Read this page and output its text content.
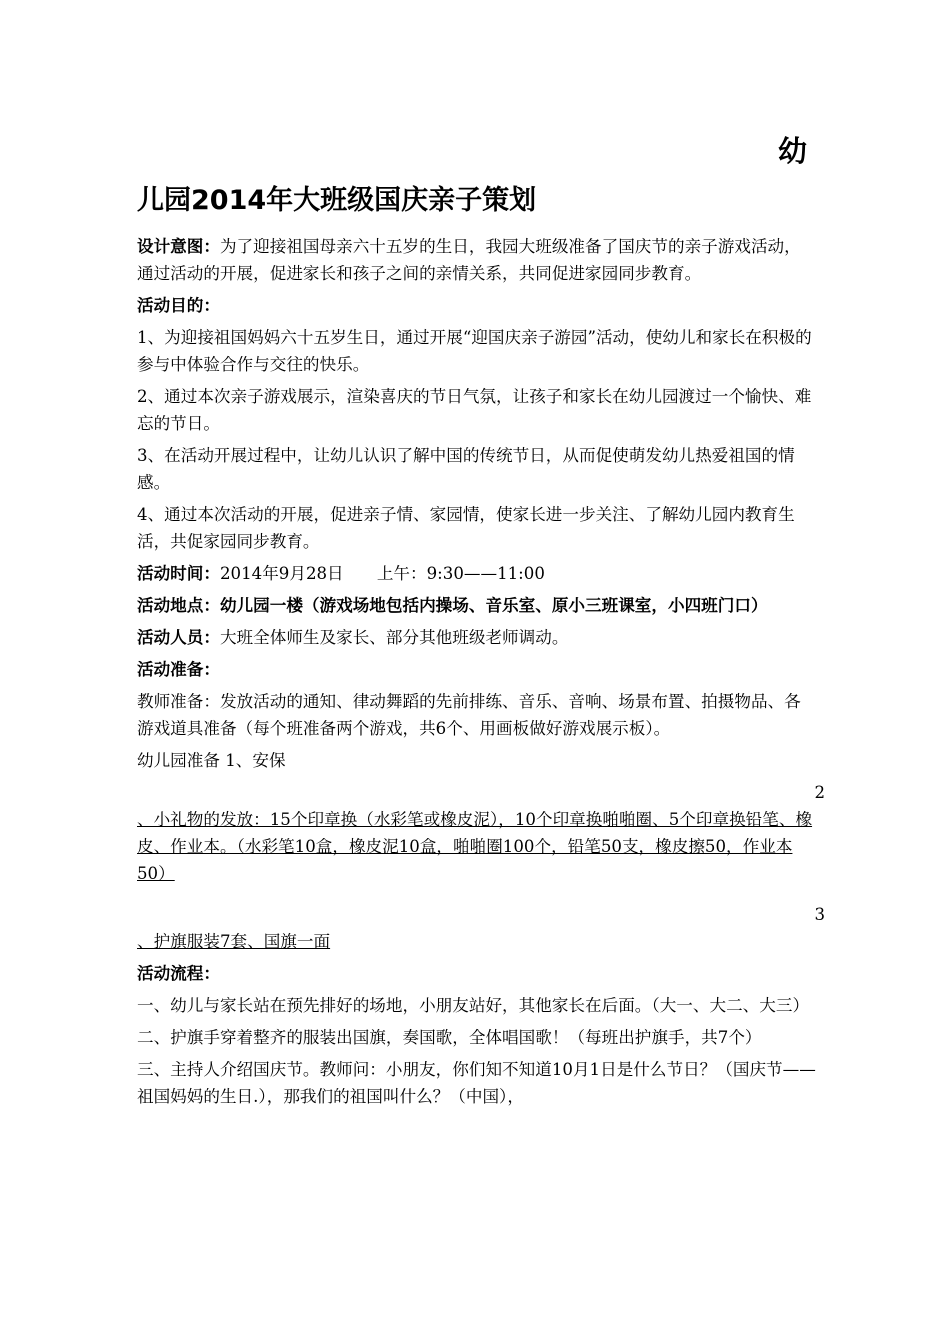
幼
儿园2014年大班级国庆亲子策划

设计意图：为了迎接祖国母亲六十五岁的生日，我园大班级准备了国庆节的亲子游戏活动，通过活动的开展，促进家长和孩子之间的亲情关系，共同促进家园同步教育。

活动目的：

1、为迎接祖国妈妈六十五岁生日，通过开展“迎国庆亲子游园”活动，使幼儿和家长在积极的参与中体验合作与交往的快乐。

2、通过本次亲子游戏展示，渲染喜庆的节日气氛，让孩子和家长在幼儿园渡过一个愉快、难忘的节日。

3、在活动开展过程中，让幼儿认识了解中国的传统节日，从而促使萌发幼儿热爱祖国的情感。

4、通过本次活动的开展，促进亲子情、家园情，使家长进一步关注、了解幼儿园内教育生活，共促家园同步教育。

活动时间：2014年9月28日　　上午：9:30——11:00

活动地点：幼儿园一楼（游戏场地包括内操场、音乐室、原小三班课室，小四班门口）

活动人员：大班全体师生及家长、部分其他班级老师调动。

活动准备：

教师准备：发放活动的通知、律动舞蹈的先前排练、音乐、音响、场景布置、拍摄物品、各游戏道具准备（每个班准备两个游戏，共6个、用画板做好游戏展示板）。

幼儿园准备 1、安保

2

、小礼物的发放：15个印章换（水彩笔或橡皮泥），10个印章换啪啪圈、5个印章换铅笔、橡皮、作业本。（水彩笔10盒，橡皮泥10盒，啪啪圈100个，铅笔50支，橡皮擦50，作业本50）

3

、护旗服装7套、国旗一面

活动流程：

一、幼儿与家长站在预先排好的场地，小朋友站好，其他家长在后面。（大一、大二、大三）

二、护旗手穿着整齐的服装出国旗，奏国歌，全体唱国歌！（每班出护旗手，共7个）

三、主持人介绍国庆节。教师问：小朋友，你们知不知道10月1日是什么节日？（国庆节——祖国妈妈的生日.），那我们的祖国叫什么？（中国），
